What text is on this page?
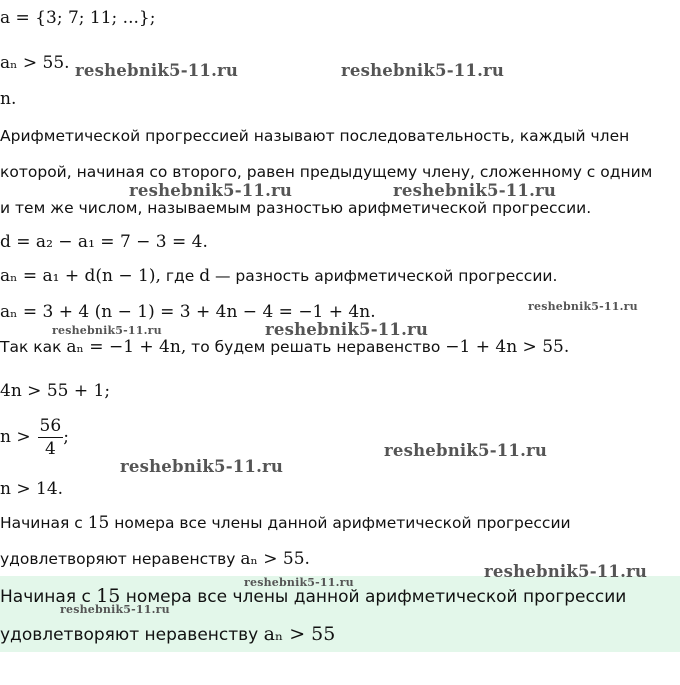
a = {3; 7; 11; ...};
aₙ > 55.
n.
Арифметической прогрессией называют последовательность, каждый член
которой, начиная со второго, равен предыдущему члену, сложенному с одним
и тем же числом, называемым разностью арифметической прогрессии.
d = a₂ − a₁ = 7 − 3 = 4.
aₙ = a₁ + d(n − 1), где d — разность арифметической прогрессии.
aₙ = 3 + 4 (n − 1) = 3 + 4n − 4 = −1 + 4n.
Так как aₙ = −1 + 4n, то будем решать неравенство −1 + 4n > 55.
4n > 55 + 1;
$n > \frac{56}{4}$ ;
n > 14.
Начиная с 15 номера все члены данной арифметической прогрессии
удовлетворяют неравенству aₙ > 55.
Начиная с 15 номера все члены данной арифметической прогрессии
удовлетворяют неравенству aₙ > 55
reshebnik5-11.ru	reshebnik5-11.ru
reshebnik5-11.ru	reshebnik5-11.ru
reshebnik5-11.ru
reshebnik5-11.ru	reshebnik5-11.ru
reshebnik5-11.ru
reshebnik5-11.ru
reshebnik5-11.ru
reshebnik5-11.ru
reshebnik5-11.ru
